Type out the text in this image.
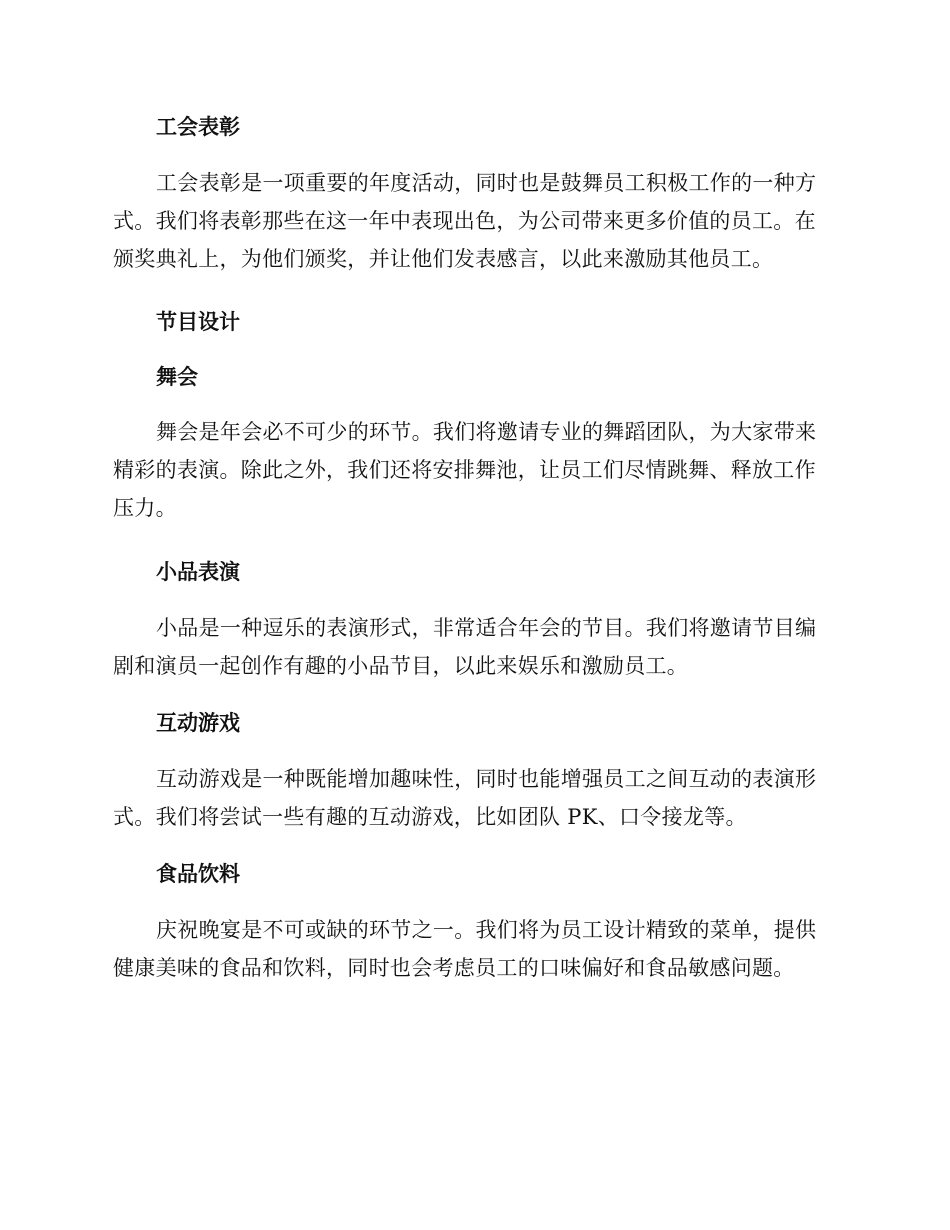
工会表彰

工会表彰是一项重要的年度活动，同时也是鼓舞员工积极工作的一种方
式。我们将表彰那些在这一年中表现出色，为公司带来更多价值的员工。在
颁奖典礼上，为他们颁奖，并让他们发表感言，以此来激励其他员工。

节目设计

舞会

舞会是年会必不可少的环节。我们将邀请专业的舞蹈团队，为大家带来
精彩的表演。除此之外，我们还将安排舞池，让员工们尽情跳舞、释放工作
压力。

小品表演

小品是一种逗乐的表演形式，非常适合年会的节目。我们将邀请节目编
剧和演员一起创作有趣的小品节目，以此来娱乐和激励员工。

互动游戏

互动游戏是一种既能增加趣味性，同时也能增强员工之间互动的表演形
式。我们将尝试一些有趣的互动游戏，比如团队 PK、口令接龙等。

食品饮料

庆祝晚宴是不可或缺的环节之一。我们将为员工设计精致的菜单，提供
健康美味的食品和饮料，同时也会考虑员工的口味偏好和食品敏感问题。
